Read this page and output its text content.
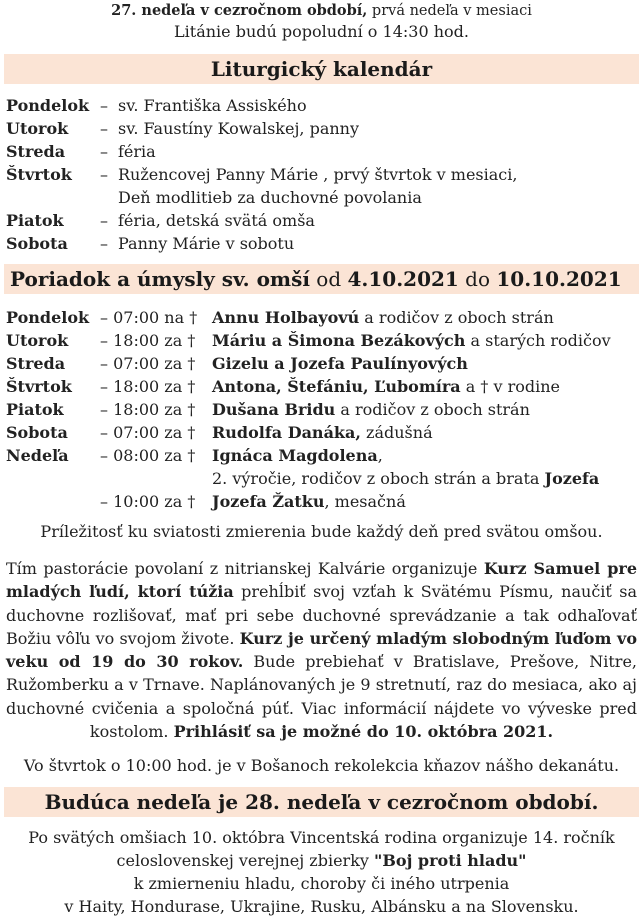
27. nedeľa v cezročnom období, prvá nedeľa v mesiaci
Litánie budú popoludní o 14:30 hod.
Liturgický kalendár
Pondelok – sv. Františka Assiského
Utorok – sv. Faustíny Kowalskej, panny
Streda – féria
Štvrtok – Ružencovej Panny Márie , prvý štvrtok v mesiaci,
Deň modlitieb za duchovné povolania
Piatok – féria, detská svätá omša
Sobota – Panny Márie v sobotu
Poriadok a úmysly sv. omší od 4.10.2021 do 10.10.2021
Pondelok – 07:00 na † Annu Holbayovú a rodičov z oboch strán
Utorok – 18:00 za † Máriu a Šimona Bezákových a starých rodičov
Streda – 07:00 za † Gizelu a Jozefa Paulínyových
Štvrtok – 18:00 za † Antona, Štefániu, Ľubomíra a † v rodine
Piatok – 18:00 za † Dušana Bridu a rodičov z oboch strán
Sobota – 07:00 za † Rudolfa Danáka, zádušná
Nedeľa – 08:00 za † Ignáca Magdolena,
2. výročie, rodičov z oboch strán a brata Jozefa
– 10:00 za † Jozefa Žatku, mesačná
Príležitosť ku sviatosti zmierenia bude každý deň pred svätou omšou.
Tím pastorácie povolaní z nitrianskej Kalvárie organizuje Kurz Samuel pre mladých ľudí, ktorí túžia prehĺbiť svoj vzťah k Svätému Písmu, naučiť sa duchovne rozlišovať, mať pri sebe duchovné sprevádzanie a tak odhaľovať Božiu vôľu vo svojom živote. Kurz je určený mladým slobodným ľuďom vo veku od 19 do 30 rokov. Bude prebiehať v Bratislave, Prešove, Nitre, Ružomberku a v Trnave. Naplánovaných je 9 stretnutí, raz do mesiaca, ako aj duchovné cvičenia a spoločná púť. Viac informácií nájdete vo vývеske pred kostolom. Prihlásiť sa je možné do 10. októbra 2021.
Vo štvrtok o 10:00 hod. je v Bošanoch rekolekcia kňazov nášho dekanátu.
Budúca nedeľa je 28. nedeľa v cezročnom období.
Po svätých omšiach 10. októbra Vincentská rodina organizuje 14. ročník
celoslovenskej verejnej zbierky "Boj proti hladu"
k zmierneniu hladu, choroby či iného utrpenia
v Haity, Hondurase, Ukrajine, Rusku, Albánsku a na Slovensku.
